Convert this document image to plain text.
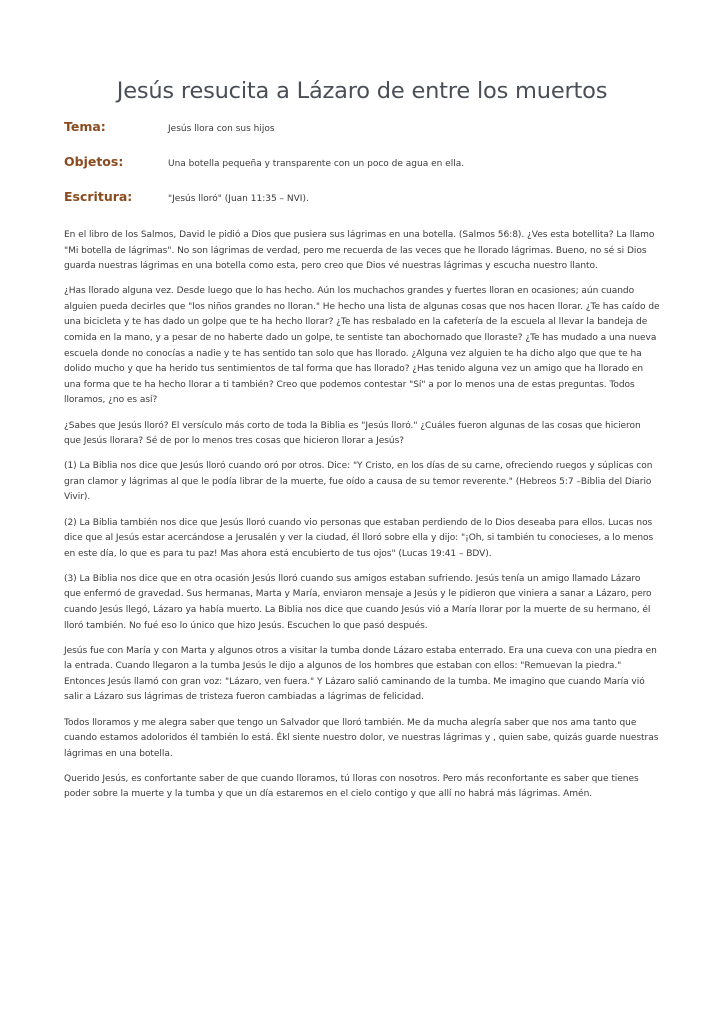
Jesús resucita a Lázaro de entre los muertos
Tema:	Jesús llora con sus hijos
Objetos:	Una botella pequeña y transparente con un poco de agua en ella.
Escritura:	"Jesús lloró" (Juan 11:35 – NVI).

En el libro de los Salmos, David le pidió a Dios que pusiera sus lágrimas en una botella. (Salmos 56:8). ¿Ves esta botellita? La llamo "Mi botella de lágrimas". No son lágrimas de verdad, pero me recuerda de las veces que he llorado lágrimas. Bueno, no sé si Dios guarda nuestras lágrimas en una botella como esta, pero creo que Dios vé nuestras lágrimas y escucha nuestro llanto.

¿Has llorado alguna vez. Desde luego que lo has hecho. Aún los muchachos grandes y fuertes lloran en ocasiones; aún cuando alguien pueda decirles que "los niños grandes no lloran." He hecho una lista de algunas cosas que nos hacen llorar. ¿Te has caído de una bicicleta y te has dado un golpe que te ha hecho llorar? ¿Te has resbalado en la cafetería de la escuela al llevar la bandeja de comida en la mano, y a pesar de no haberte dado un golpe, te sentiste tan abochornado que lloraste? ¿Te has mudado a una nueva escuela donde no conocías a nadie y te has sentido tan solo que has llorado. ¿Alguna vez alguien te ha dicho algo que que te ha dolido mucho y que ha herido tus sentimientos de tal forma que has llorado? ¿Has tenido alguna vez un amigo que ha llorado en una forma que te ha hecho llorar a ti también? Creo que podemos contestar "Sí" a por lo menos una de estas preguntas. Todos lloramos, ¿no es así?

¿Sabes que Jesús lloró? El versículo más corto de toda la Biblia es "Jesús lloró." ¿Cuáles fueron algunas de las cosas que hicieron que Jesús llorara? Sé de por lo menos tres cosas que hicieron llorar a Jesús?

(1) La Biblia nos dice que Jesús lloró cuando oró por otros. Dice: "Y Cristo, en los días de su carne, ofreciendo ruegos y súplicas con gran clamor y lágrimas al que le podía librar de la muerte, fue oído a causa de su temor reverente." (Hebreos 5:7 –Biblia del Diario Vivir).

(2) La Biblia también nos dice que Jesús lloró cuando vio personas que estaban perdiendo de lo Dios deseaba para ellos. Lucas nos dice que al Jesús estar acercándose a Jerusalén y ver la ciudad, él lloró sobre ella y dijo: "¡Oh, si también tu conocieses, a lo menos en este día, lo que es para tu paz! Mas ahora está encubierto de tus ojos" (Lucas 19:41 – BDV).

(3) La Biblia nos dice que en otra ocasión Jesús lloró cuando sus amigos estaban sufriendo. Jesús tenía un amigo llamado Lázaro que enfermó de gravedad. Sus hermanas, Marta y María, enviaron mensaje a Jesús y le pidieron que viniera a sanar a Lázaro, pero cuando Jesús llegó, Lázaro ya había muerto. La Biblia nos dice que cuando Jesús vió a María llorar por la muerte de su hermano, él lloró también. No fué eso lo único que hizo Jesús. Escuchen lo que pasó después.

Jesús fue con María y con Marta y algunos otros a visitar la tumba donde Lázaro estaba enterrado. Era una cueva con una piedra en la entrada. Cuando llegaron a la tumba Jesús le dijo a algunos de los hombres que estaban con ellos: "Remuevan la piedra." Entonces Jesús llamó con gran voz: "Lázaro, ven fuera." Y Lázaro salió caminando de la tumba. Me imagino que cuando María vió salir a Lázaro sus lágrimas de tristeza fueron cambiadas a lágrimas de felicidad.

Todos lloramos y me alegra saber que tengo un Salvador que lloró también. Me da mucha alegría saber que nos ama tanto que cuando estamos adoloridos él también lo está. Ékl siente nuestro dolor, ve nuestras lágrimas y , quien sabe, quizás guarde nuestras lágrimas en una botella.

Querido Jesús, es confortante saber de que cuando lloramos, tú lloras con nosotros. Pero más reconfortante es saber que tienes poder sobre la muerte y la tumba y que un día estaremos en el cielo contigo y que allí no habrá más lágrimas. Amén.
